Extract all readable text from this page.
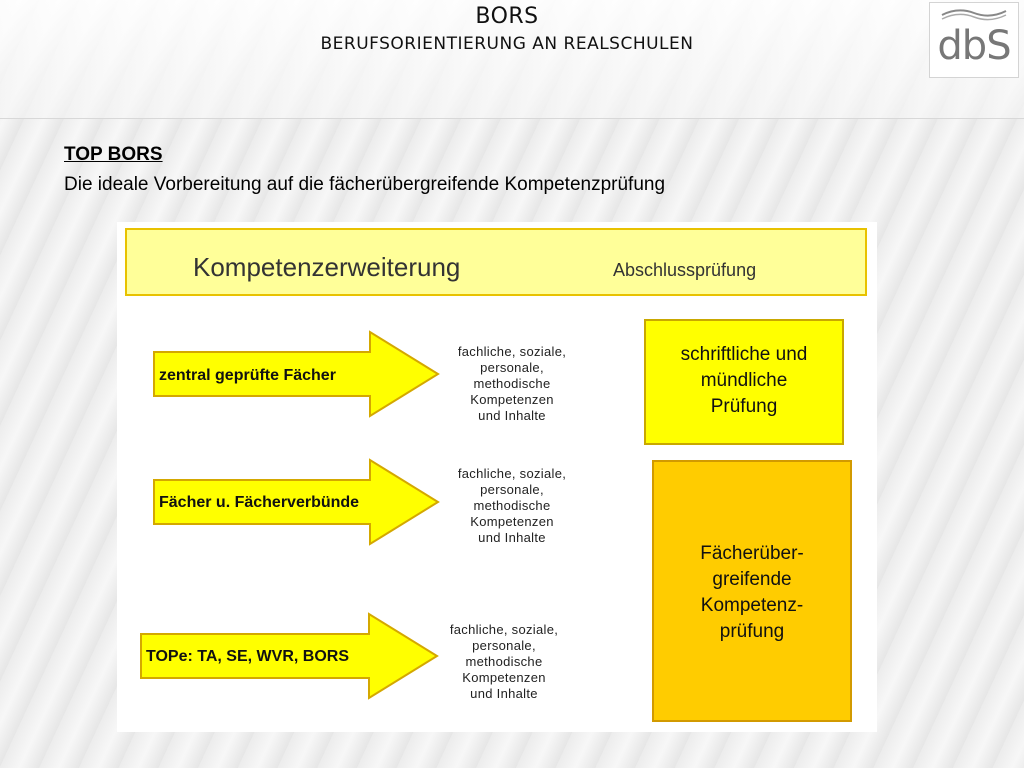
BORS
BERUFSORIENTIERUNG AN REALSCHULEN	dbS
TOP BORS
Die ideale Vorbereitung auf die fächerübergreifende Kompetenzprüfung
Kompetenzerweiterung	Abschlussprüfung
zentral geprüfte Fächer
Fächer u. Fächerverbünde
TOPe: TA, SE, WVR, BORS
fachliche, soziale,
personale,
methodische
Kompetenzen
und Inhalte
fachliche, soziale,
personale,
methodische
Kompetenzen
und Inhalte
fachliche, soziale,
personale,
methodische
Kompetenzen
und Inhalte
schriftliche und
mündliche
Prüfung
Fächerüber-
greifende
Kompetenz-
prüfung
